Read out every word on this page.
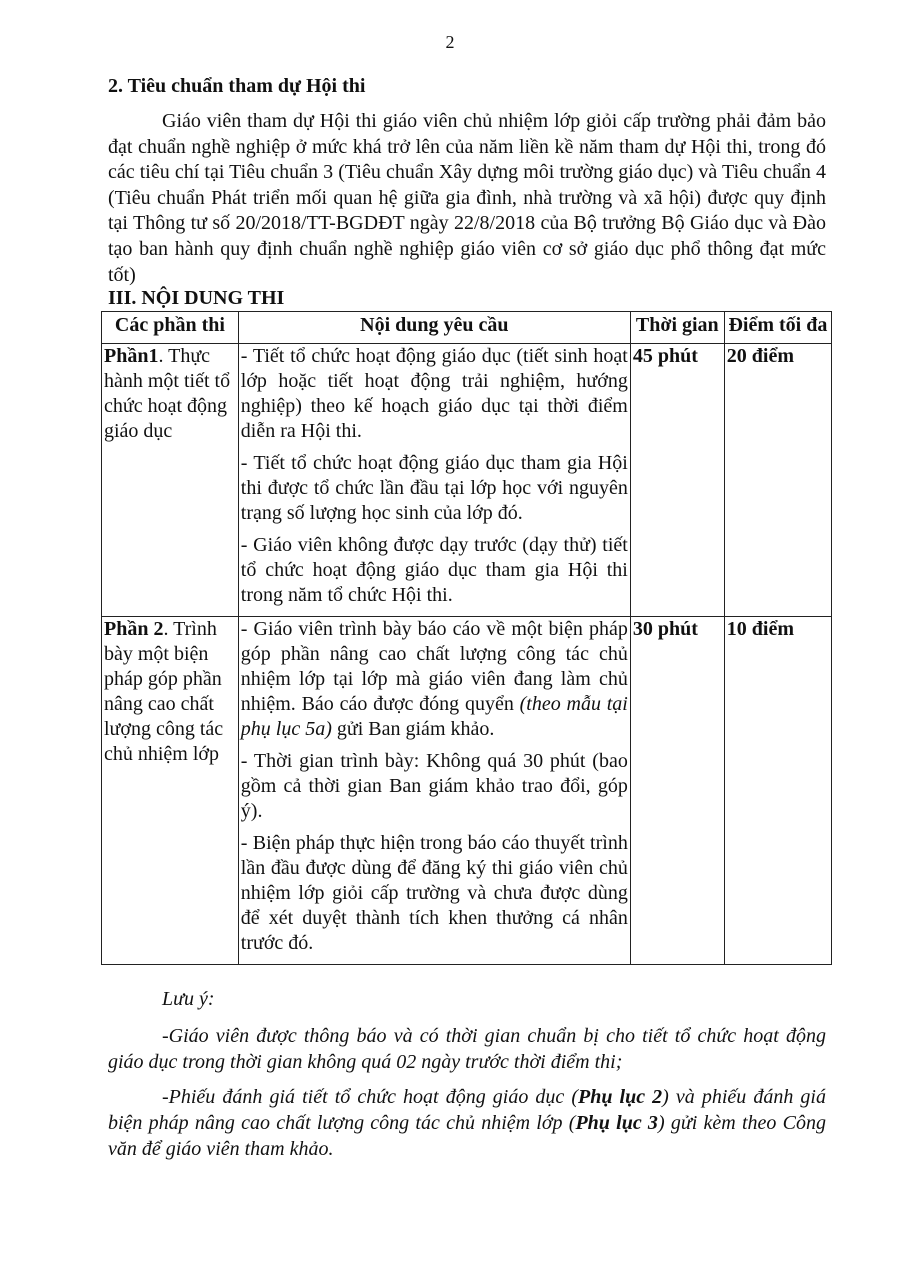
2
2. Tiêu chuẩn tham dự Hội thi
Giáo viên tham dự Hội thi giáo viên chủ nhiệm lớp giỏi cấp trường phải đảm bảo đạt chuẩn nghề nghiệp ở mức khá trở lên của năm liền kề năm tham dự Hội thi, trong đó các tiêu chí tại Tiêu chuẩn 3 (Tiêu chuẩn Xây dựng môi trường giáo dục) và Tiêu chuẩn 4 (Tiêu chuẩn Phát triển mối quan hệ giữa gia đình, nhà trường và xã hội) được quy định tại Thông tư số 20/2018/TT-BGDĐT ngày 22/8/2018 của Bộ trưởng Bộ Giáo dục và Đào tạo ban hành quy định chuẩn nghề nghiệp giáo viên cơ sở giáo dục phổ thông đạt mức tốt)
III. NỘI DUNG THI
Các phần thi	Nội dung yêu cầu	Thời gian	Điểm tối đa
Phần1. Thực hành một tiết tổ chức hoạt động giáo dục	- Tiết tổ chức hoạt động giáo dục (tiết sinh hoạt lớp hoặc tiết hoạt động trải nghiệm, hướng nghiệp) theo kế hoạch giáo dục tại thời điểm diễn ra Hội thi.

- Tiết tổ chức hoạt động giáo dục tham gia Hội thi được tổ chức lần đầu tại lớp học với nguyên trạng số lượng học sinh của lớp đó.

- Giáo viên không được dạy trước (dạy thử) tiết tổ chức hoạt động giáo dục tham gia Hội thi trong năm tổ chức Hội thi.	45 phút	20 điểm
Phần 2. Trình bày một biện pháp góp phần nâng cao chất lượng công tác chủ nhiệm lớp	- Giáo viên trình bày báo cáo về một biện pháp góp phần nâng cao chất lượng công tác chủ nhiệm lớp tại lớp mà giáo viên đang làm chủ nhiệm. Báo cáo được đóng quyển (theo mẫu tại phụ lục 5a) gửi Ban giám khảo.

- Thời gian trình bày: Không quá 30 phút (bao gồm cả thời gian Ban giám khảo trao đổi, góp ý).

- Biện pháp thực hiện trong báo cáo thuyết trình lần đầu được dùng để đăng ký thi giáo viên chủ nhiệm lớp giỏi cấp trường và chưa được dùng để xét duyệt thành tích khen thưởng cá nhân trước đó.	30 phút	10 điểm

Lưu ý:

-Giáo viên được thông báo và có thời gian chuẩn bị cho tiết tổ chức hoạt động giáo dục trong thời gian không quá 02 ngày trước thời điểm thi;

-Phiếu đánh giá tiết tổ chức hoạt động giáo dục (Phụ lục 2) và phiếu đánh giá biện pháp nâng cao chất lượng công tác chủ nhiệm lớp (Phụ lục 3) gửi kèm theo Công văn để giáo viên tham khảo.
